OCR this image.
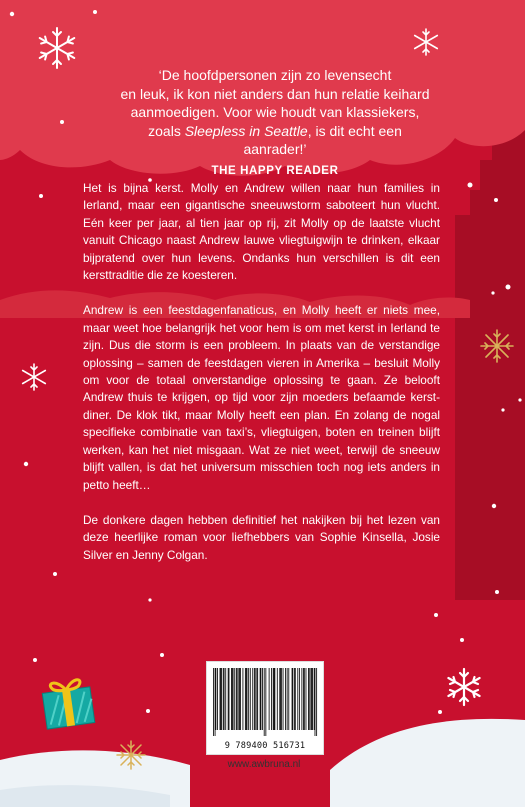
‘De hoofdpersonen zijn zo levensecht
en leuk, ik kon niet anders dan hun relatie keihard
aanmoedigen. Voor wie houdt van klassiekers,
zoals Sleepless in Seattle, is dit echt een aanrader!’
THE HAPPY READER

Het is bijna kerst. Molly en Andrew willen naar hun families in Ierland, maar een gigantische sneeuwstorm saboteert hun vlucht. Eén keer per jaar, al tien jaar op rij, zit Molly op de laatste vlucht vanuit Chicago naast Andrew lauwe vliegtuigwijn te drinken, elkaar bijpratend over hun levens. Ondanks hun verschillen is dit een kersttraditie die ze koesteren.

Andrew is een feestdagenfanaticus, en Molly heeft er niets mee, maar weet hoe belangrijk het voor hem is om met kerst in Ierland te zijn. Dus die storm is een probleem. In plaats van de verstandige oplossing – samen de feestdagen vieren in Amerika – besluit Molly om voor de totaal onverstandige oplossing te gaan. Ze belooft Andrew thuis te krijgen, op tijd voor zijn moeders befaamde kerstdiner. De klok tikt, maar Molly heeft een plan. En zolang de nogal specifieke combinatie van taxi’s, vliegtuigen, boten en treinen blijft werken, kan het niet misgaan. Wat ze niet weet, terwijl de sneeuw blijft vallen, is dat het universum misschien toch nog iets anders in petto heeft…

De donkere dagen hebben definitief het nakijken bij het lezen van deze heerlijke roman voor liefhebbers van Sophie Kinsella, Josie Silver en Jenny Colgan.

9 789400 516731
www.awbruna.nl
